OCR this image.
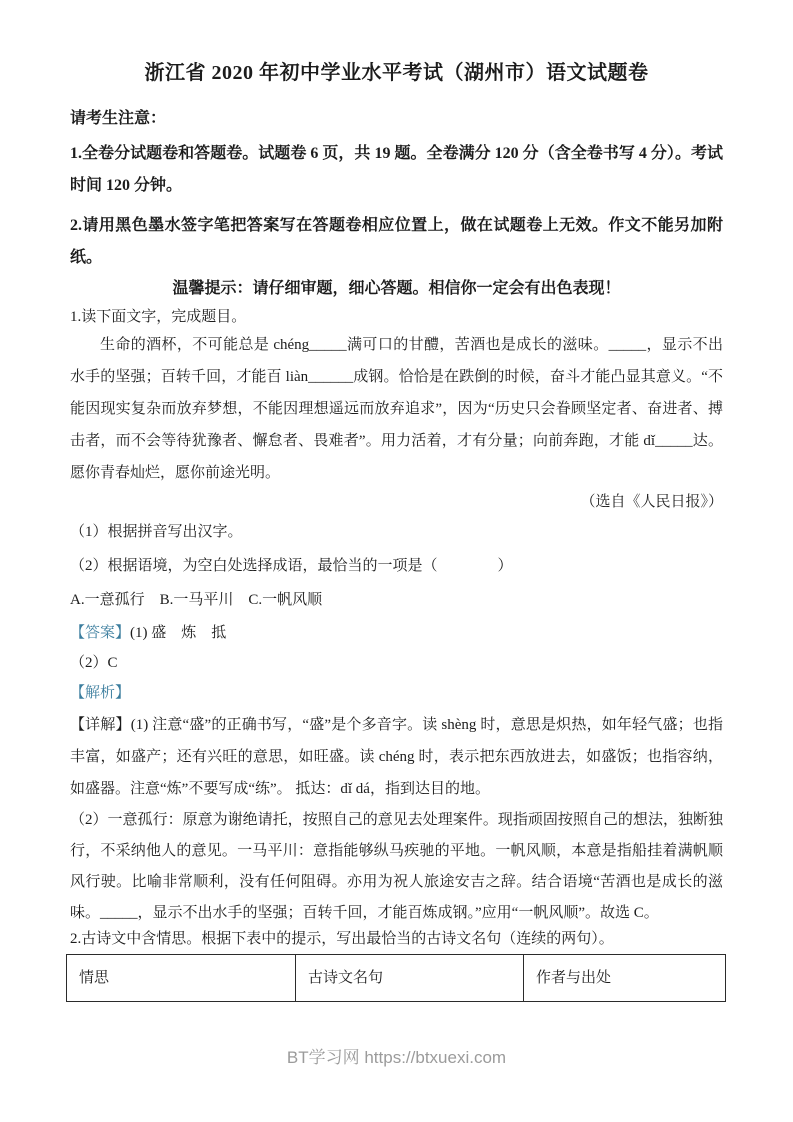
浙江省 2020 年初中学业水平考试（湖州市）语文试题卷

请考生注意：

1.全卷分试题卷和答题卷。试题卷 6 页，共 19 题。全卷满分 120 分（含全卷书写 4 分）。考试时间 120 分钟。

2.请用黑色墨水签字笔把答案写在答题卷相应位置上，做在试题卷上无效。作文不能另加附纸。

温馨提示：请仔细审题，细心答题。相信你一定会有出色表现！

1.读下面文字，完成题目。

生命的酒杯，不可能总是 chéng_____满可口的甘醴，苦酒也是成长的滋味。_____，显示不出水手的坚强；百转千回，才能百 liàn______成钢。恰恰是在跌倒的时候，奋斗才能凸显其意义。“不能因现实复杂而放弃梦想，不能因理想遥远而放弃追求”，因为“历史只会眷顾坚定者、奋进者、搏击者，而不会等待犹豫者、懈怠者、畏难者”。用力活着，才有分量；向前奔跑，才能 dǐ_____达。愿你青春灿烂，愿你前途光明。

（选自《人民日报》）

（1）根据拼音写出汉字。

（2）根据语境，为空白处选择成语，最恰当的一项是（　　　　）

A.一意孤行　B.一马平川　C.一帆风顺

【答案】(1) 盛　炼　抵

（2）C

【解析】

【详解】(1) 注意“盛”的正确书写，“盛”是个多音字。读 shèng 时，意思是炽热，如年轻气盛；也指丰富，如盛产；还有兴旺的意思，如旺盛。读 chéng 时，表示把东西放进去，如盛饭；也指容纳，如盛器。注意“炼”不要写成“练”。 抵达：dǐ dá，指到达目的地。

（2）一意孤行：原意为谢绝请托，按照自己的意见去处理案件。现指顽固按照自己的想法，独断独行，不采纳他人的意见。一马平川：意指能够纵马疾驰的平地。一帆风顺，本意是指船挂着满帆顺风行驶。比喻非常顺利，没有任何阻碍。亦用为祝人旅途安吉之辞。结合语境“苦酒也是成长的滋味。_____，显示不出水手的坚强；百转千回，才能百炼成钢。”应用“一帆风顺”。故选 C。

2.古诗文中含情思。根据下表中的提示，写出最恰当的古诗文名句（连续的两句）。

情思	古诗文名句	作者与出处
BT学习网 https://btxuexi.com
